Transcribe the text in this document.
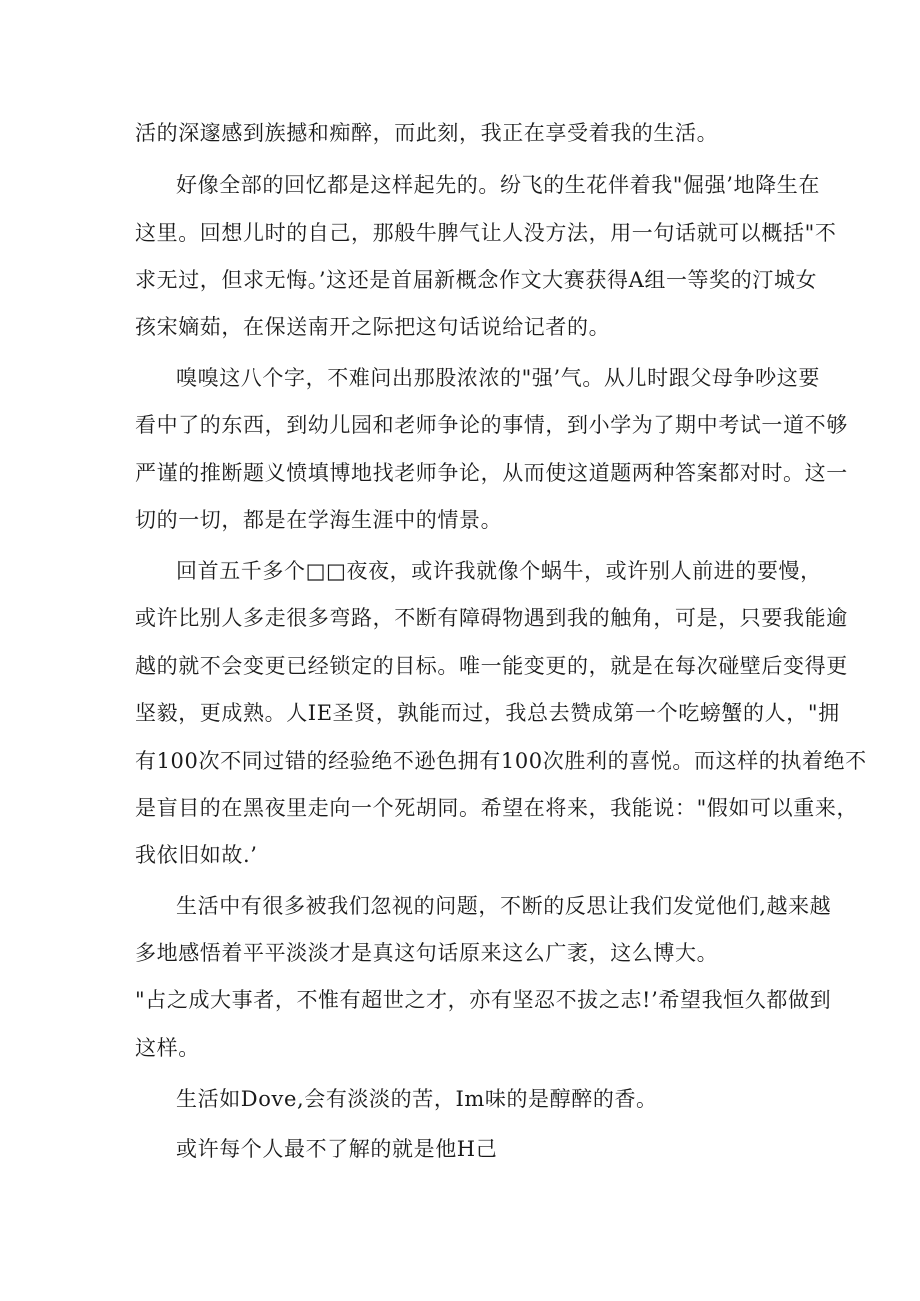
活的深邃感到族撼和痴醉，而此刻，我正在享受着我的生活。
好像全部的回忆都是这样起先的。纷飞的生花伴着我"倔强’地降生在
这里。回想儿时的自己，那般牛脾气让人没方法，用一句话就可以概括"不
求无过，但求无悔。’这还是首届新概念作文大赛获得A组一等奖的汀城女
孩宋嫡茹，在保送南开之际把这句话说给记者的。
嗅嗅这八个字，不难问出那股浓浓的"强’气。从儿时跟父母争吵这要
看中了的东西，到幼儿园和老师争论的事情，到小学为了期中考试一道不够
严谨的推断题义愤填博地找老师争论，从而使这道题两种答案都对时。这一
切的一切，都是在学海生涯中的情景。
回首五千多个□□夜夜，或许我就像个蜗牛，或许别人前进的要慢，
或许比别人多走很多弯路，不断有障碍物遇到我的触角，可是，只要我能逾
越的就不会变更已经锁定的目标。唯一能变更的，就是在每次碰壁后变得更
坚毅，更成熟。人IE圣贤，孰能而过，我总去赞成第一个吃螃蟹的人，"拥
有100次不同过错的经验绝不逊色拥有100次胜利的喜悦。而这样的执着绝不
是盲目的在黑夜里走向一个死胡同。希望在将来，我能说："假如可以重来，
我依旧如故.’
生活中有很多被我们忽视的问题，不断的反思让我们发觉他们,越来越
多地感悟着平平淡淡才是真这句话原来这么广袤，这么博大。
"占之成大事者，不惟有超世之才，亦有坚忍不拔之志!’希望我恒久都做到
这样。
生活如Dove,会有淡淡的苦，Im味的是醇醉的香。
或许每个人最不了解的就是他H己
